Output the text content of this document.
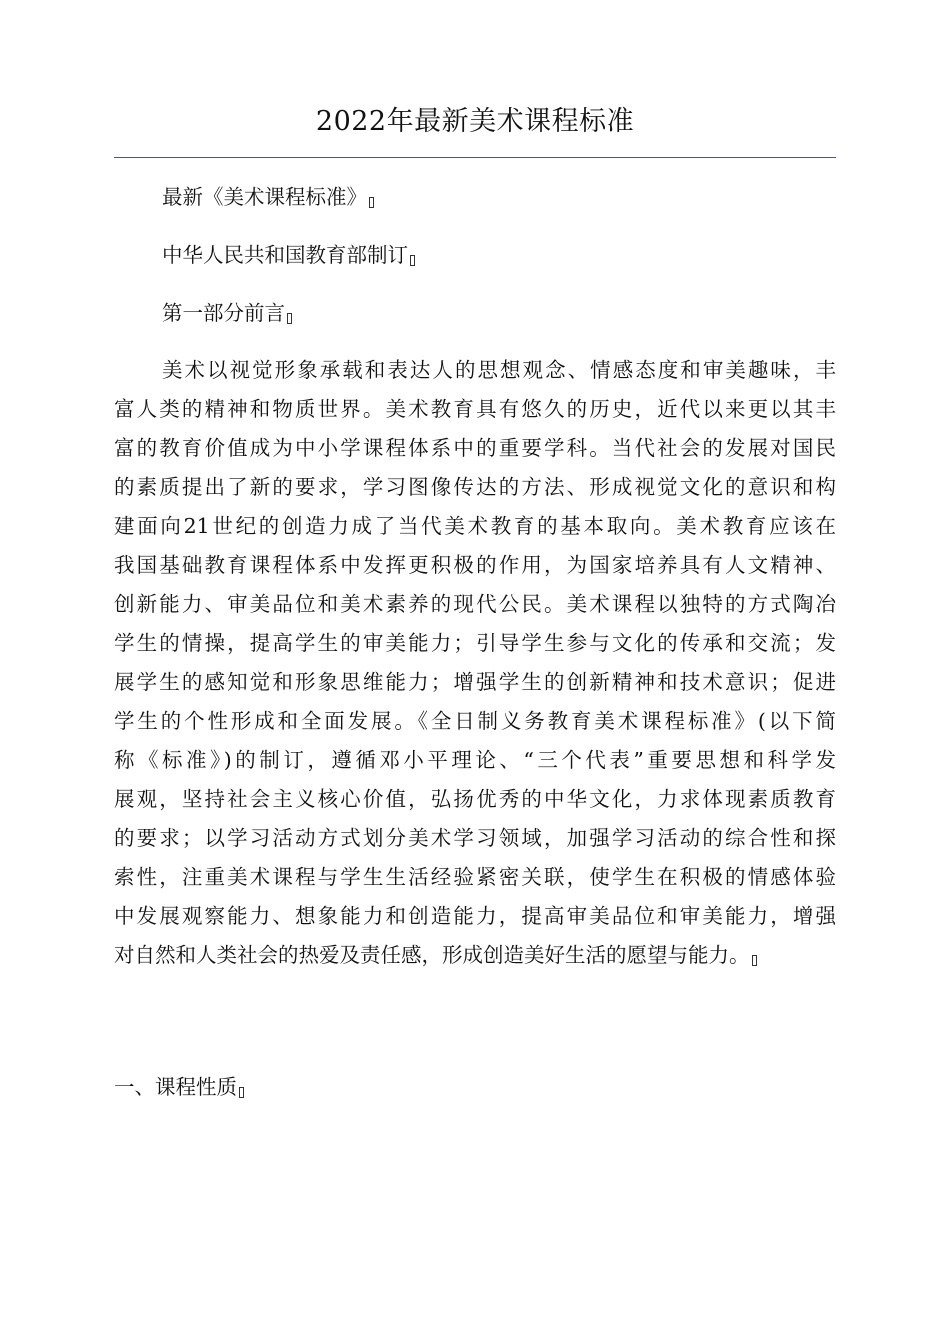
2022年最新美术课程标准
最新《美术课程标准》
中华人民共和国教育部制订
第一部分前言
美术以视觉形象承载和表达人的思想观念、情感态度和审美趣味，丰
富人类的精神和物质世界。美术教育具有悠久的历史，近代以来更以其丰
富的教育价值成为中小学课程体系中的重要学科。当代社会的发展对国民
的素质提出了新的要求，学习图像传达的方法、形成视觉文化的意识和构
建面向21世纪的创造力成了当代美术教育的基本取向。美术教育应该在
我国基础教育课程体系中发挥更积极的作用，为国家培养具有人文精神、
创新能力、审美品位和美术素养的现代公民。美术课程以独特的方式陶冶
学生的情操，提高学生的审美能力；引导学生参与文化的传承和交流；发
展学生的感知觉和形象思维能力；增强学生的创新精神和技术意识；促进
学生的个性形成和全面发展。《全日制义务教育美术课程标准》(以下简
称《标准》)的制订，遵循邓小平理论、“三个代表”重要思想和科学发
展观，坚持社会主义核心价值，弘扬优秀的中华文化，力求体现素质教育
的要求；以学习活动方式划分美术学习领域，加强学习活动的综合性和探
索性，注重美术课程与学生生活经验紧密关联，使学生在积极的情感体验
中发展观察能力、想象能力和创造能力，提高审美品位和审美能力，增强
对自然和人类社会的热爱及责任感，形成创造美好生活的愿望与能力。
一、课程性质
